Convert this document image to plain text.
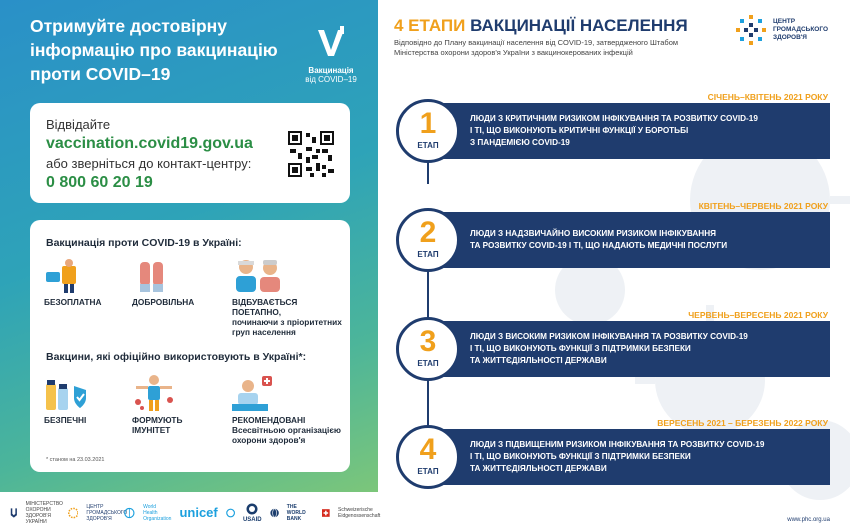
Отримуйте достовірну інформацію про вакцинацію проти COVID–19	Вакцинація
від COVID–19
Відвідайте
vaccination.covid19.gov.ua
або зверніться до контакт-центру:
0 800 60 20 19
Вакцинація проти COVID-19 в Україні:
БЕЗОПЛАТНА	ДОБРОВІЛЬНА	ВІДБУВАЄТЬСЯ ПОЕТАПНО,
починаючи з пріоритетних груп населення
Вакцини, які офіційно використовують в Україні*:
БЕЗПЕЧНІ	ФОРМУЮТЬ ІМУНІТЕТ
РЕКОМЕНДОВАНІ
Всесвітньою організацією охорони здоров'я
* станом на 23.03.2021
МІНІСТЕРСТВО ОХОРОНИ ЗДОРОВ'Я УКРАЇНИ
ЦЕНТР ГРОМАДСЬКОГО ЗДОРОВ'Я
World Health Organization unicef	USAID
THE WORLD BANK
Schweizerische Eidgenossenschaft
4 ЕТАПИ ВАКЦИНАЦІЇ НАСЕЛЕННЯ
Відповідно до Плану вакцинації населення від COVID-19, затвердженого Штабом Міністерства охорони здоров'я України з вакцинокерованих інфекцій
ЦЕНТР
ГРОМАДСЬКОГО
ЗДОРОВ'Я
СІЧЕНЬ–КВІТЕНЬ 2021 РОКУ
ЛЮДИ З КРИТИЧНИМ РИЗИКОМ ІНФІКУВАННЯ ТА РОЗВИТКУ COVID-19
І ТІ, ЩО ВИКОНУЮТЬ КРИТИЧНІ ФУНКЦІЇ У БОРОТЬБІ
З ПАНДЕМІЄЮ COVID-19
1
ЕТАП
КВІТЕНЬ–ЧЕРВЕНЬ 2021 РОКУ
ЛЮДИ З НАДЗВИЧАЙНО ВИСОКИМ РИЗИКОМ ІНФІКУВАННЯ
ТА РОЗВИТКУ COVID-19 І ТІ, ЩО НАДАЮТЬ МЕДИЧНІ ПОСЛУГИ
2
ЕТАП
ЧЕРВЕНЬ–ВЕРЕСЕНЬ 2021 РОКУ
ЛЮДИ З ВИСОКИМ РИЗИКОМ ІНФІКУВАННЯ ТА РОЗВИТКУ COVID-19
І ТІ, ЩО ВИКОНУЮТЬ ФУНКЦІЇ З ПІДТРИМКИ БЕЗПЕКИ
ТА ЖИТТЄДІЯЛЬНОСТІ ДЕРЖАВИ
3
ЕТАП
ВЕРЕСЕНЬ 2021 – БЕРЕЗЕНЬ 2022 РОКУ
ЛЮДИ З ПІДВИЩЕНИМ РИЗИКОМ ІНФІКУВАННЯ ТА РОЗВИТКУ COVID-19
І ТІ, ЩО ВИКОНУЮТЬ ФУНКЦІЇ З ПІДТРИМКИ БЕЗПЕКИ
ТА ЖИТТЄДІЯЛЬНОСТІ ДЕРЖАВИ
4
ЕТАП
www.phc.org.ua
